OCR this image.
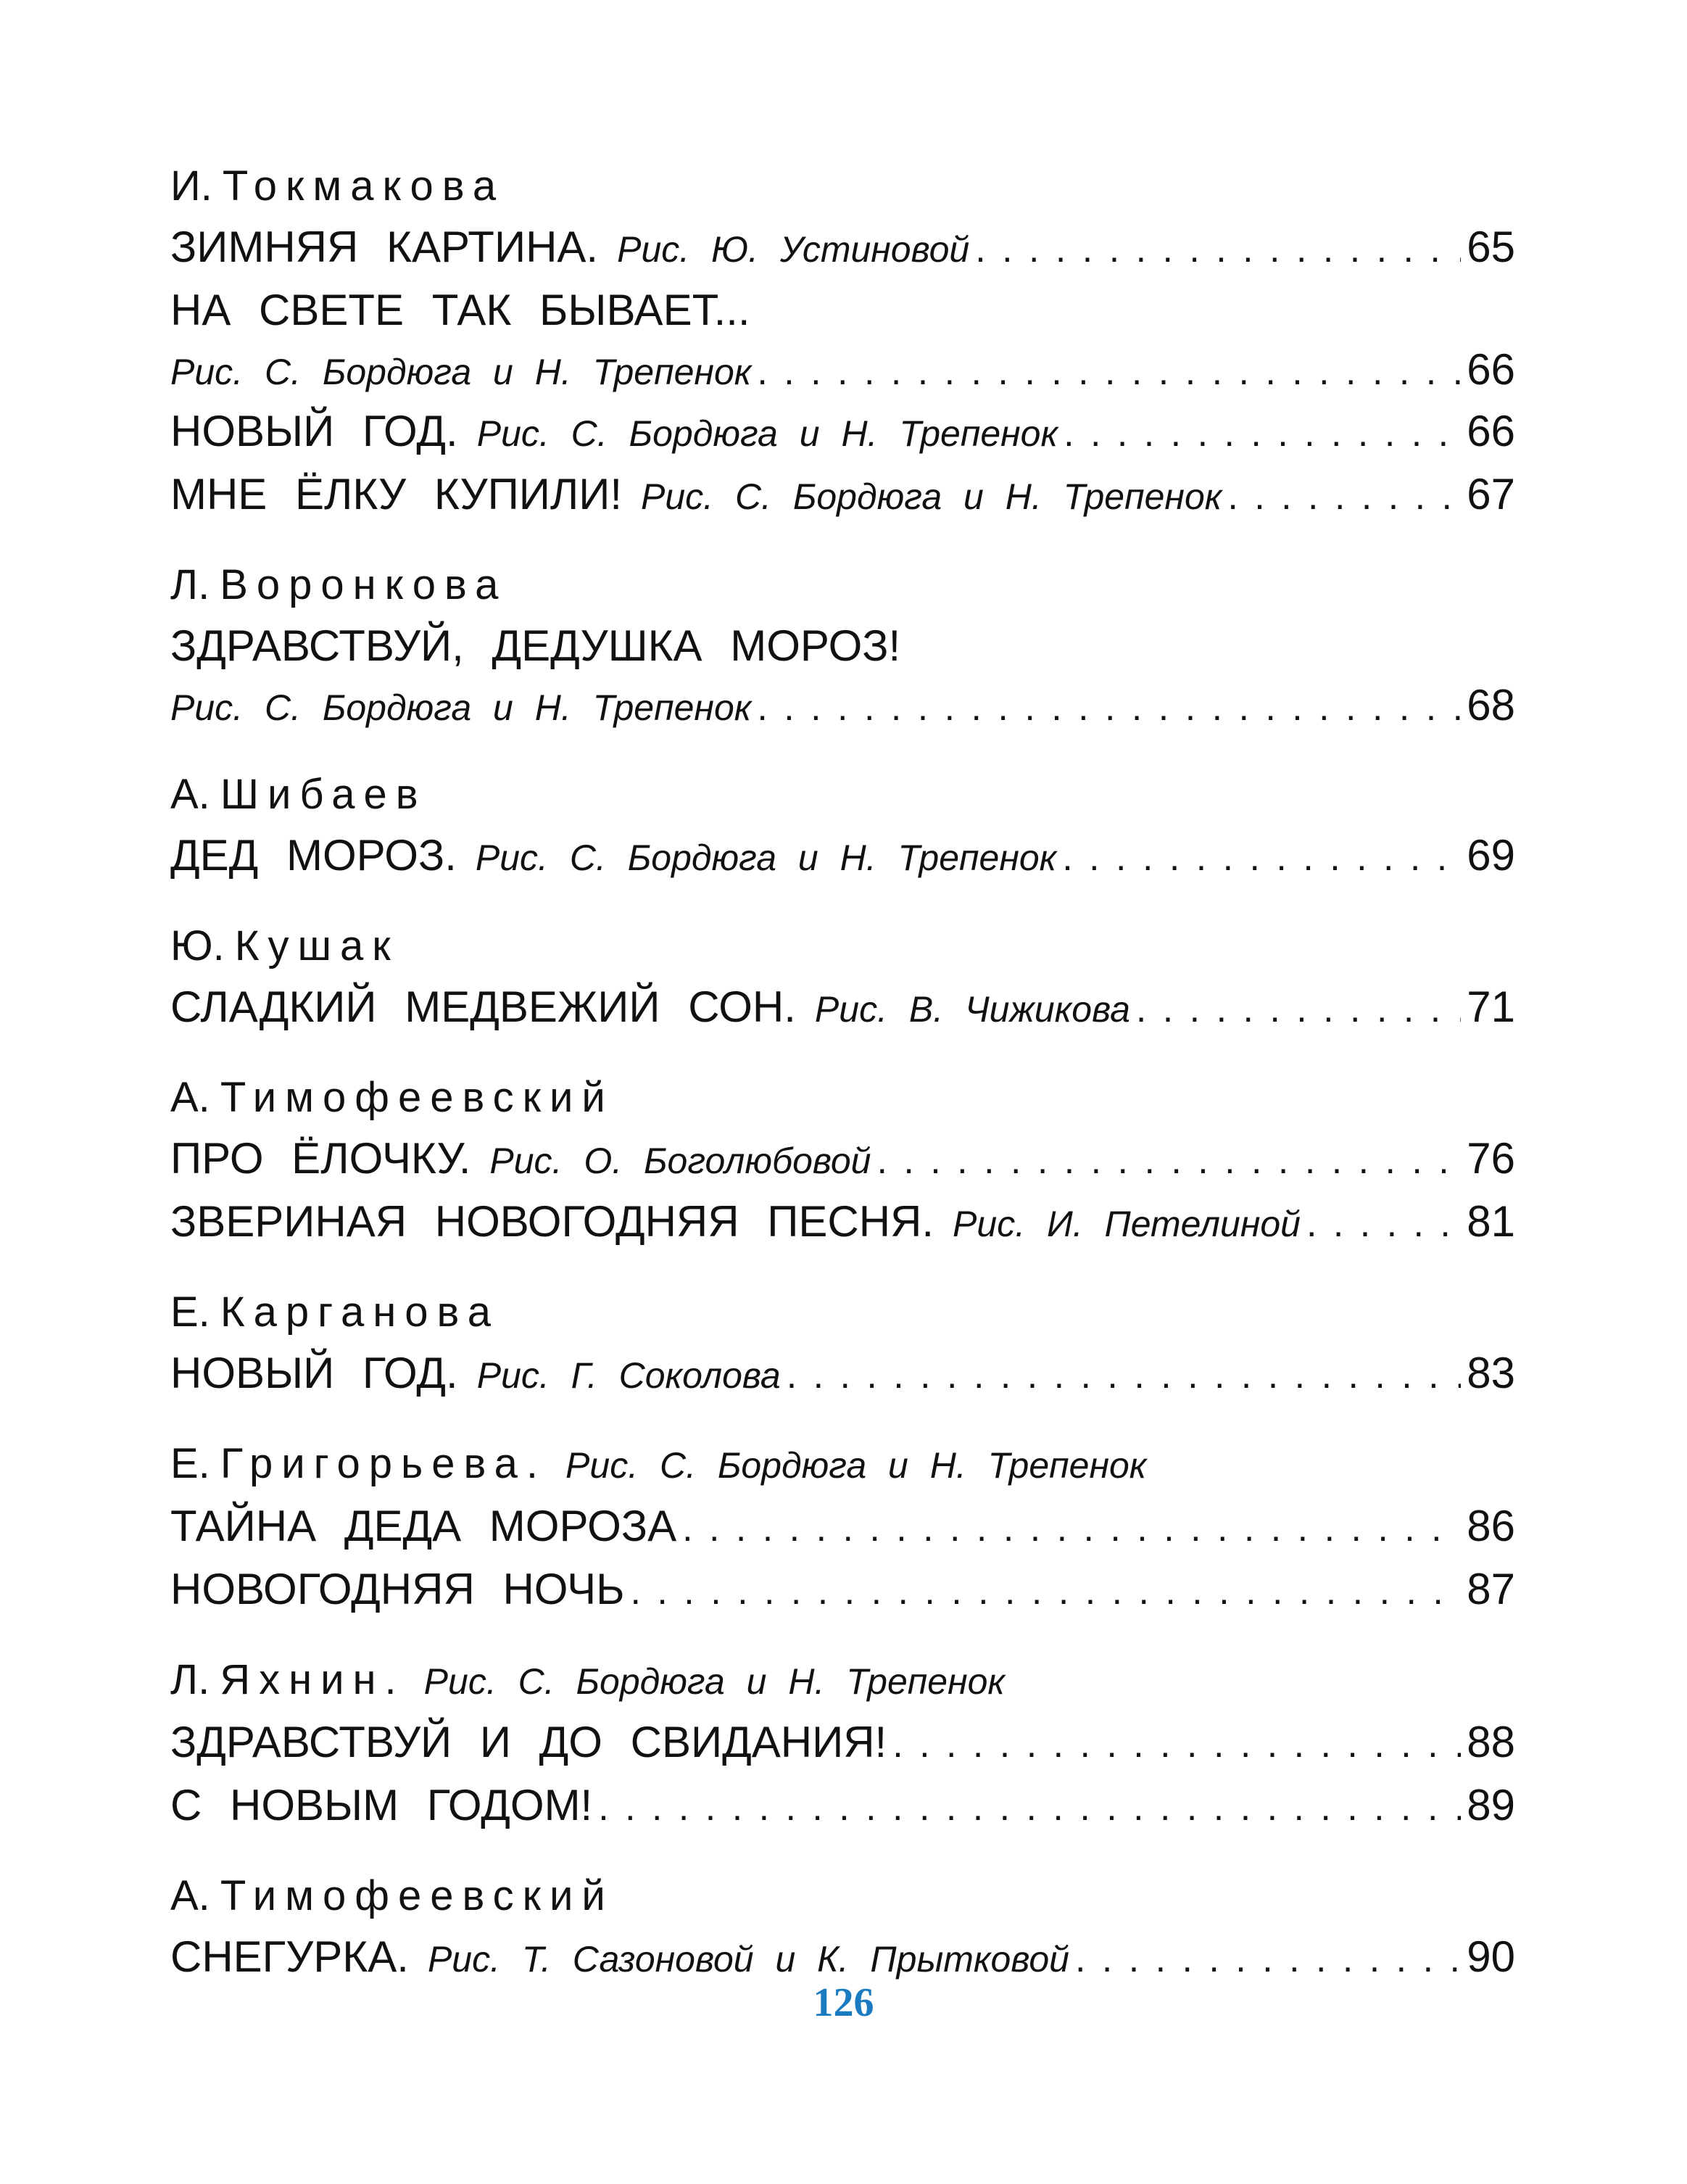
И. Токмакова
ЗИМНЯЯ КАРТИНА. Рис. Ю. Устиновой . . .	65
НА СВЕТЕ ТАК БЫВАЕТ...
Рис. С. Бордюга и Н. Трепенок . . .	66
НОВЫЙ ГОД. Рис. С. Бордюга и Н. Трепенок . . .	66
МНЕ ЁЛКУ КУПИЛИ! Рис. С. Бордюга и Н. Трепенок . . .	67
Л. Воронкова
ЗДРАВСТВУЙ, ДЕДУШКА МОРОЗ!
Рис. С. Бордюга и Н. Трепенок . . .	68
А. Шибаев
ДЕД МОРОЗ. Рис. С. Бордюга и Н. Трепенок . . .	69
Ю. Кушак
СЛАДКИЙ МЕДВЕЖИЙ СОН. Рис. В. Чижикова . . .	71
А. Тимофеевский
ПРО ЁЛОЧКУ. Рис. О. Боголюбовой . . .	76
ЗВЕРИНАЯ НОВОГОДНЯЯ ПЕСНЯ. Рис. И. Петелиной . . .	81
Е. Карганова
НОВЫЙ ГОД. Рис. Г. Соколова . . .	83
Е. Григорьева. Рис. С. Бордюга и Н. Трепенок
ТАЙНА ДЕДА МОРОЗА . . .	86
НОВОГОДНЯЯ НОЧЬ . . .	87
Л. Яхнин. Рис. С. Бордюга и Н. Трепенок
ЗДРАВСТВУЙ И ДО СВИДАНИЯ! . . .	88
С НОВЫМ ГОДОМ! . . .	89
А. Тимофеевский
СНЕГУРКА. Рис. Т. Сазоновой и К. Прытковой . . .	90
126
